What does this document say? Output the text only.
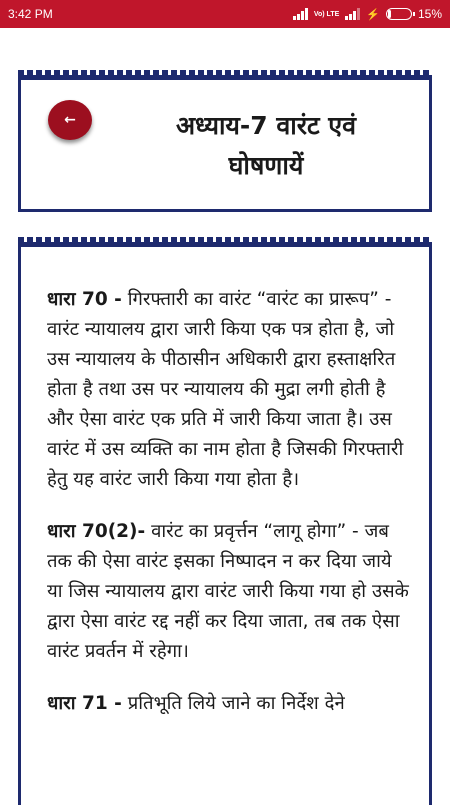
3:42 PM	Vo) LTE ⚡	15%
←	अध्याय-7 वारंट एवं
घोषणायें

धारा 70 - गिरफ्तारी का वारंट “वारंट का प्रारूप” - वारंट न्यायालय द्वारा जारी किया एक पत्र होता है, जो उस न्यायालय के पीठासीन अधिकारी द्वारा हस्ताक्षरित होता है तथा उस पर न्यायालय की मुद्रा लगी होती है और ऐसा वारंट एक प्रति में जारी किया जाता है। उस वारंट में उस व्यक्ति का नाम होता है जिसकी गिरफ्तारी हेतु यह वारंट जारी किया गया होता है।

धारा 70(2)- वारंट का प्रवृर्त्तन “लागू होगा” - जब तक की ऐसा वारंट इसका निष्पादन न कर दिया जाये या जिस न्यायालय द्वारा वारंट जारी किया गया हो उसके द्वारा ऐसा वारंट रद्द नहीं कर दिया जाता, तब तक ऐसा वारंट प्रवर्तन में रहेगा।

धारा 71 - प्रतिभूति लिये जाने का निर्देश देने
